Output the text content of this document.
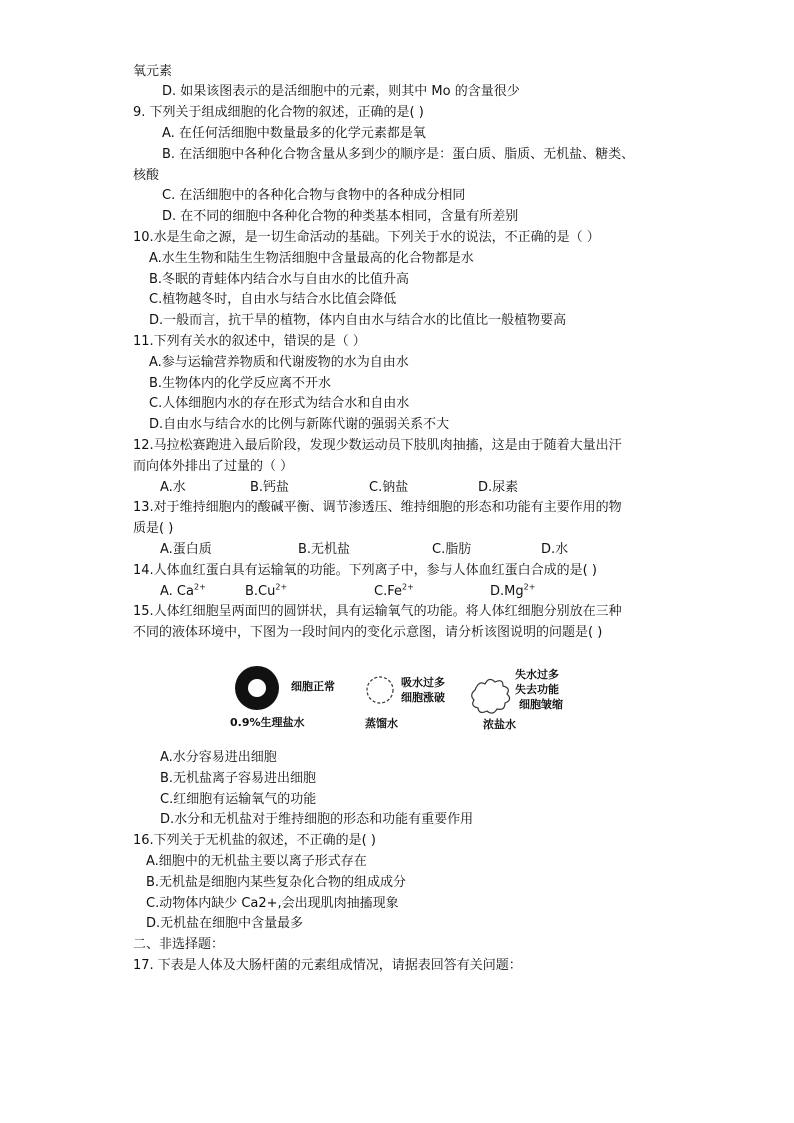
氧元素
D. 如果该图表示的是活细胞中的元素，则其中 Mo 的含量很少
9. 下列关于组成细胞的化合物的叙述，正确的是( )
A. 在任何活细胞中数量最多的化学元素都是氧
B. 在活细胞中各种化合物含量从多到少的顺序是：蛋白质、脂质、无机盐、糖类、
核酸
C. 在活细胞中的各种化合物与食物中的各种成分相同
D. 在不同的细胞中各种化合物的种类基本相同，含量有所差别
10.水是生命之源，是一切生命活动的基础。下列关于水的说法，不正确的是（ ）
A.水生生物和陆生生物活细胞中含量最高的化合物都是水
B.冬眠的青蛙体内结合水与自由水的比值升高
C.植物越冬时，自由水与结合水比值会降低
D.一般而言，抗干旱的植物，体内自由水与结合水的比值比一般植物要高
11.下列有关水的叙述中，错误的是（ ）
A.参与运输营养物质和代谢废物的水为自由水
B.生物体内的化学反应离不开水
C.人体细胞内水的存在形式为结合水和自由水
D.自由水与结合水的比例与新陈代谢的强弱关系不大
12.马拉松赛跑进入最后阶段，发现少数运动员下肢肌肉抽搐，这是由于随着大量出汗
而向体外排出了过量的（ ）
A.水	B.钙盐	C.钠盐	D.尿素
13.对于维持细胞内的酸碱平衡、调节渗透压、维持细胞的形态和功能有主要作用的物
质是( )
A.蛋白质	B.无机盐	C.脂肪	D.水
14.人体血红蛋白具有运输氧的功能。下列离子中，参与人体血红蛋白合成的是( )
A. $Ca^{2+}$	$B.Cu^{2+}$	$C.Fe^{2+}$	$D.Mg^{2+}$
15.人体红细胞呈两面凹的圆饼状，具有运输氧气的功能。将人体红细胞分别放在三种
不同的液体环境中，下图为一段时间内的变化示意图，请分析该图说明的问题是( )
细胞正常
0.9%生理盐水
吸水过多
细胞涨破
蒸馏水
失水过多
失去功能
细胞皱缩
浓盐水
A.水分容易进出细胞
B.无机盐离子容易进出细胞
C.红细胞有运输氧气的功能
D.水分和无机盐对于维持细胞的形态和功能有重要作用
16.下列关于无机盐的叙述，不正确的是( )
A.细胞中的无机盐主要以离子形式存在
B.无机盐是细胞内某些复杂化合物的组成成分
C.动物体内缺少 Ca2+,会出现肌肉抽搐现象
D.无机盐在细胞中含量最多
二、非选择题：
17. 下表是人体及大肠杆菌的元素组成情况，请据表回答有关问题：
